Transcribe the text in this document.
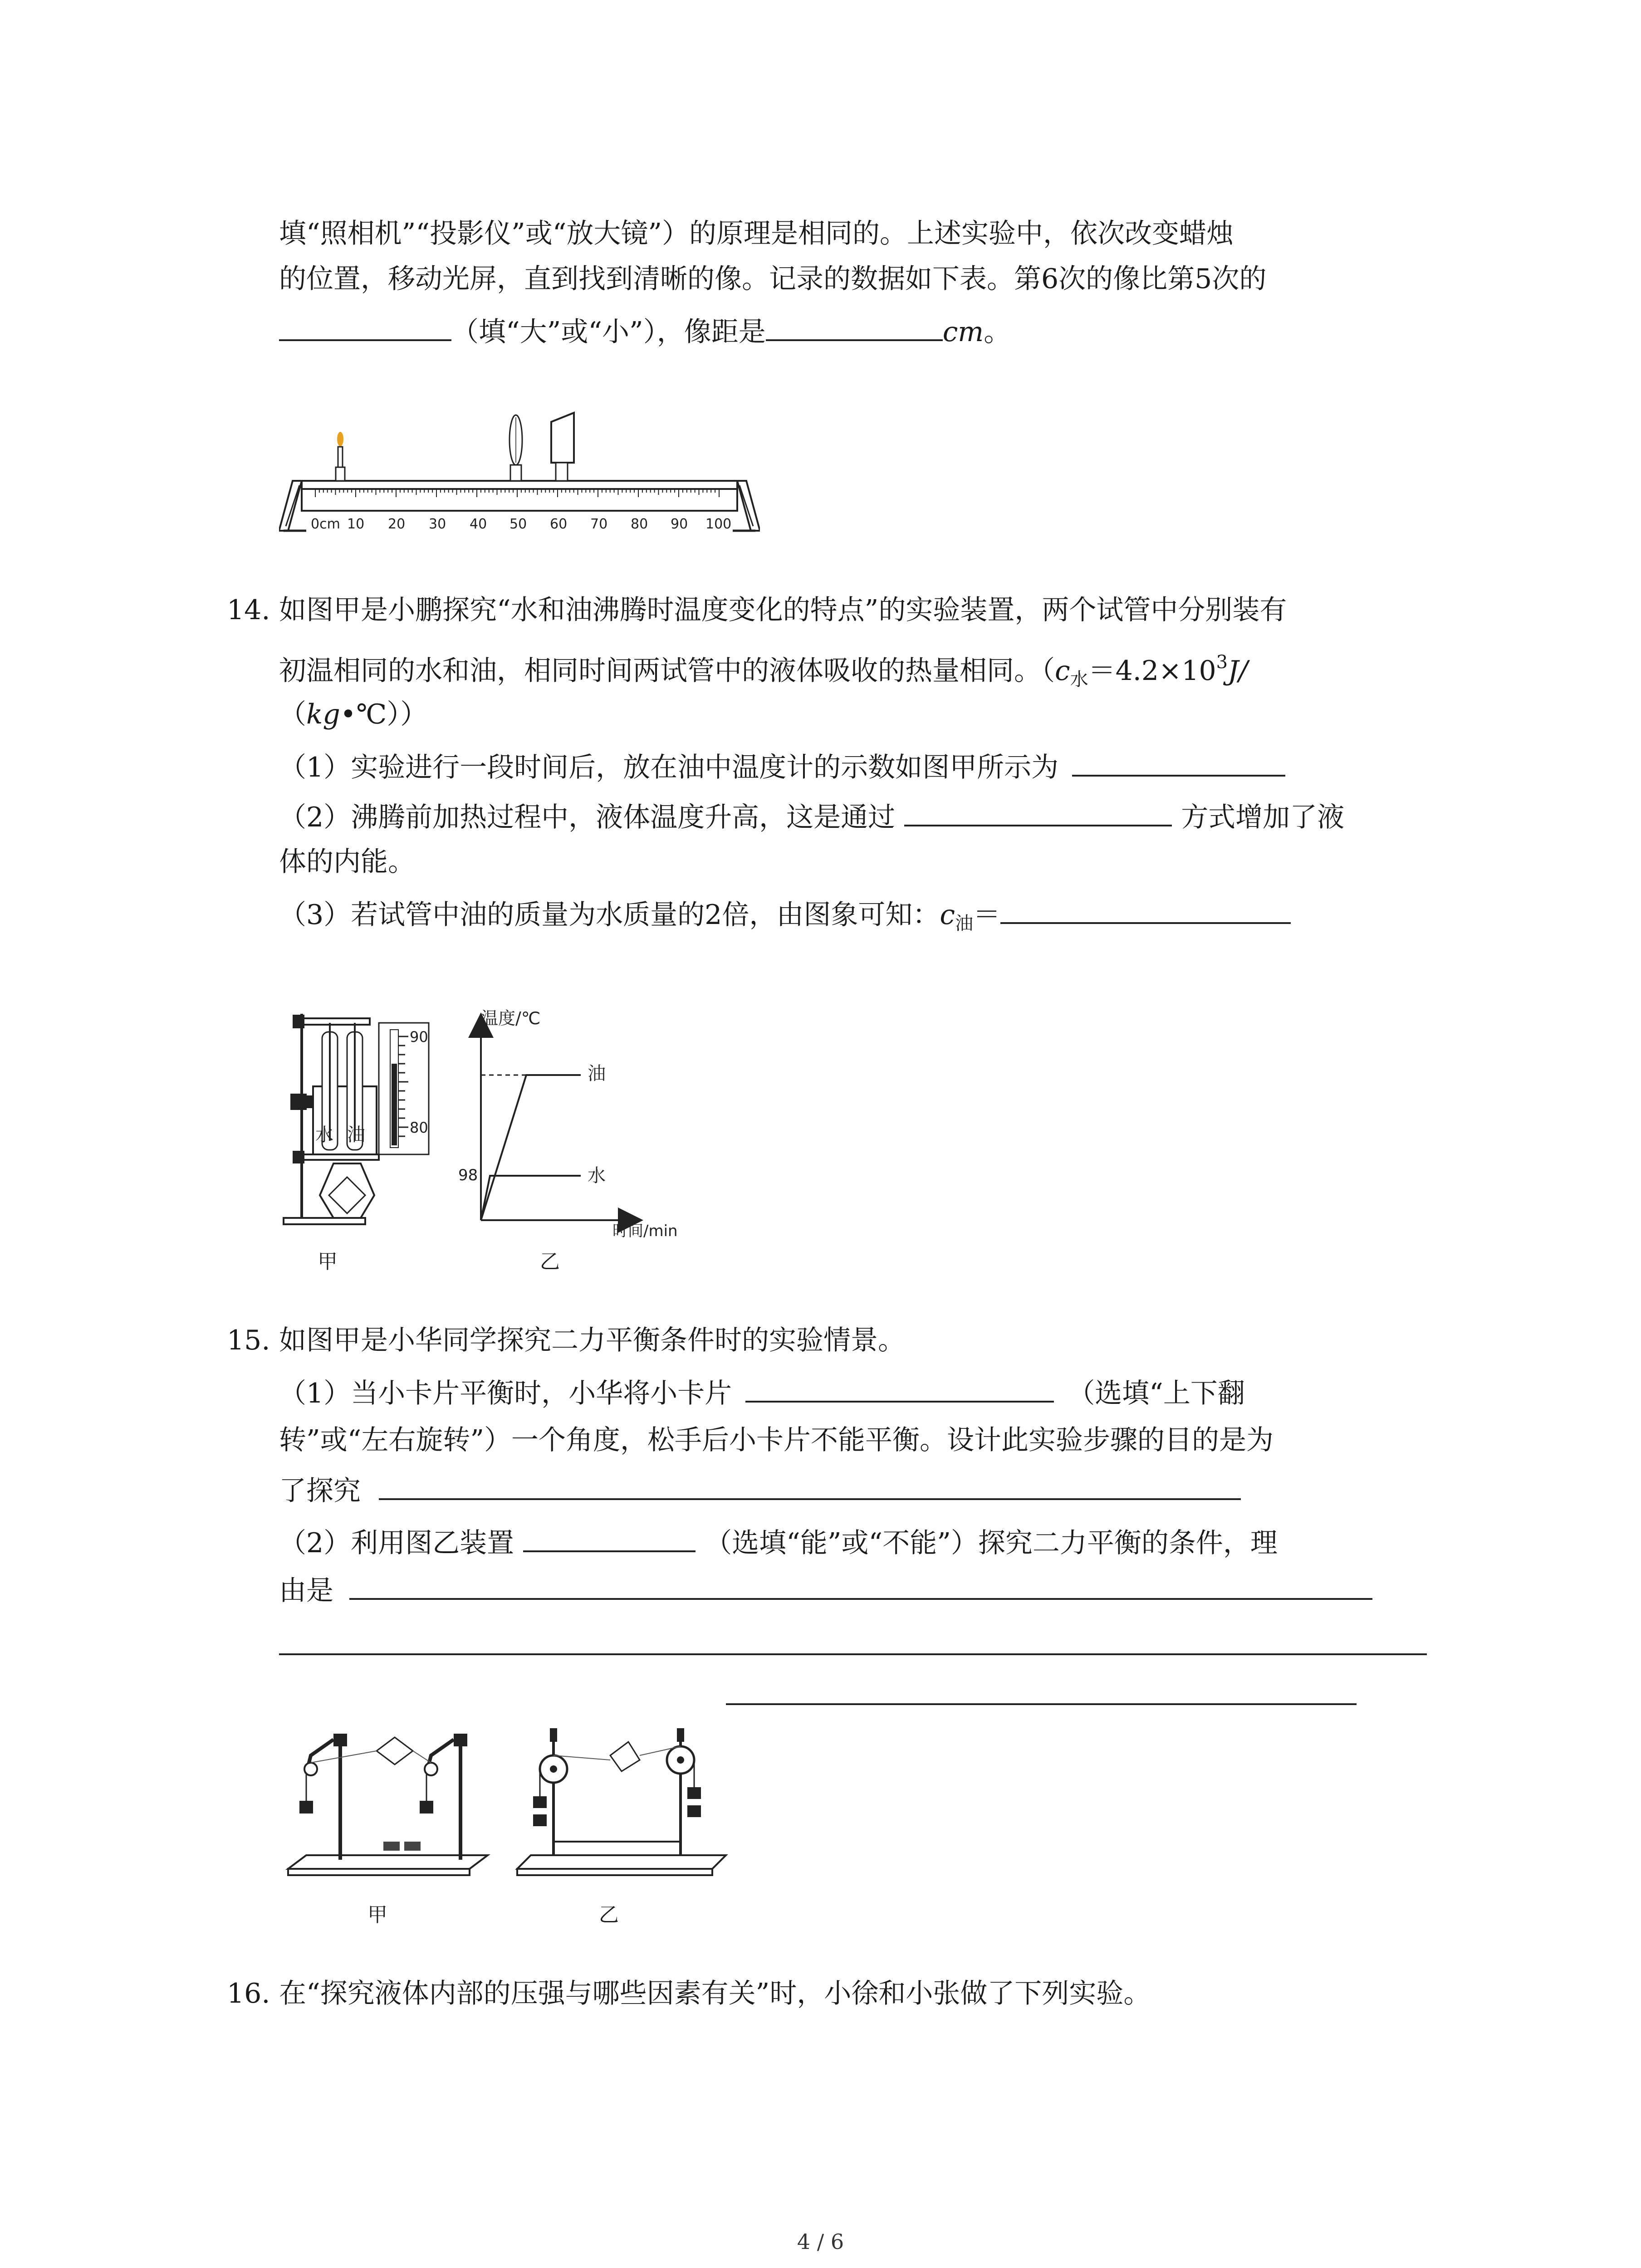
填“照相机”“投影仪”或“放大镜”）的原理是相同的。上述实验中，依次改变蜡烛
的位置，移动光屏，直到找到清晰的像。记录的数据如下表。第6次的像比第5次的
（填“大”或“小”），像距是	cm。
0cm 10 20 30 40 50 60 70 80 90 100
14. 如图甲是小鹏探究“水和油沸腾时温度变化的特点”的实验装置，两个试管中分别装有
初温相同的水和油，相同时间两试管中的液体吸收的热量相同。（$c_水=4.2\times 10^3J/$
（kg•℃））
（1）实验进行一段时间后，放在油中温度计的示数如图甲所示为
（2）沸腾前加热过程中，液体温度升高，这是通过	方式增加了液
体的内能。
（3）若试管中油的质量为水质量的2倍，由图象可知：$c_油=$
水 油
90
80
甲
温度/℃
时间/min
98
油
水
乙
15. 如图甲是小华同学探究二力平衡条件时的实验情景。
（1）当小卡片平衡时，小华将小卡片	（选填“上下翻
转”或“左右旋转”）一个角度，松手后小卡片不能平衡。设计此实验步骤的目的是为
了探究
（2）利用图乙装置	（选填“能”或“不能”）探究二力平衡的条件，理
由是
甲	乙
16. 在“探究液体内部的压强与哪些因素有关”时，小徐和小张做了下列实验。
4 / 6
